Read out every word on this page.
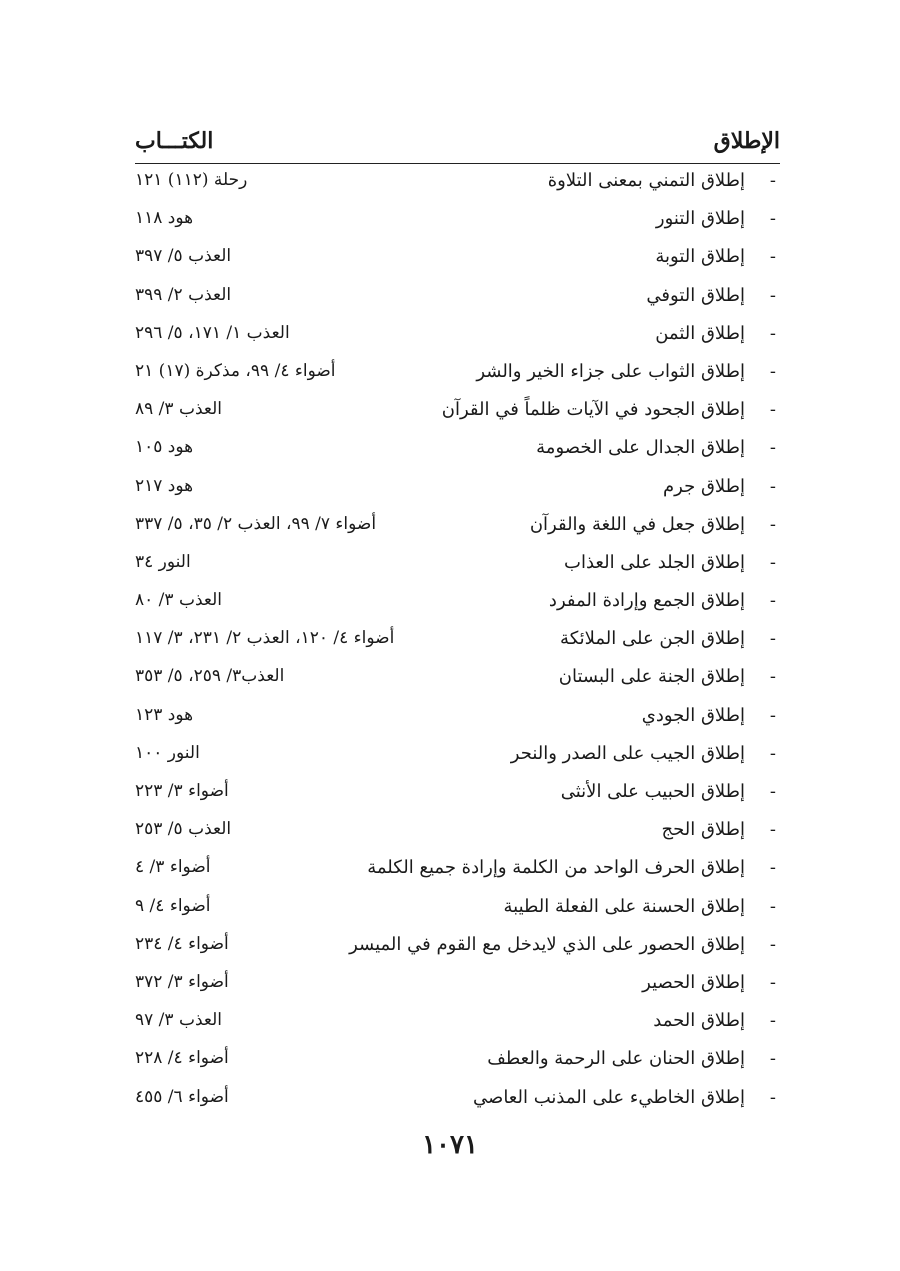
الإطلاق
الكتـــاب
-
إطلاق التمني بمعنى التلاوة
رحلة (١١٢) ١٢١
-
إطلاق التنور
هود ١١٨
-
إطلاق التوبة
العذب ٥/ ٣٩٧
-
إطلاق التوفي
العذب ٢/ ٣٩٩
-
إطلاق الثمن
العذب ١/ ١٧١، ٥/ ٢٩٦
-
إطلاق الثواب على جزاء الخير والشر
أضواء ٤/ ٩٩، مذكرة (١٧) ٢١
-
إطلاق الجحود في الآيات ظلماً في القرآن
العذب ٣/ ٨٩
-
إطلاق الجدال على الخصومة
هود ١٠٥
-
إطلاق جرم
هود ٢١٧
-
إطلاق جعل في اللغة والقرآن
أضواء ٧/ ٩٩، العذب ٢/ ٣٥، ٥/ ٣٣٧
-
إطلاق الجلد على العذاب
النور ٣٤
-
إطلاق الجمع وإرادة المفرد
العذب ٣/ ٨٠
-
إطلاق الجن على الملائكة
أضواء ٤/ ١٢٠، العذب ٢/ ٢٣١، ٣/ ١١٧
-
إطلاق الجنة على البستان
العذب٣/ ٢٥٩، ٥/ ٣٥٣
-
إطلاق الجودي
هود ١٢٣
-
إطلاق الجيب على الصدر والنحر
النور ١٠٠
-
إطلاق الحبيب على الأنثى
أضواء ٣/ ٢٢٣
-
إطلاق الحج
العذب ٥/ ٢٥٣
-
إطلاق الحرف الواحد من الكلمة وإرادة جميع الكلمة
أضواء ٣/ ٤
-
إطلاق الحسنة على الفعلة الطيبة
أضواء ٤/ ٩
-
إطلاق الحصور على الذي لايدخل مع القوم في الميسر
أضواء ٤/ ٢٣٤
-
إطلاق الحصير
أضواء ٣/ ٣٧٢
-
إطلاق الحمد
العذب ٣/ ٩٧
-
إطلاق الحنان على الرحمة والعطف
أضواء ٤/ ٢٢٨
-
إطلاق الخاطيء على المذنب العاصي
أضواء ٦/ ٤٥٥
١٠٧١
